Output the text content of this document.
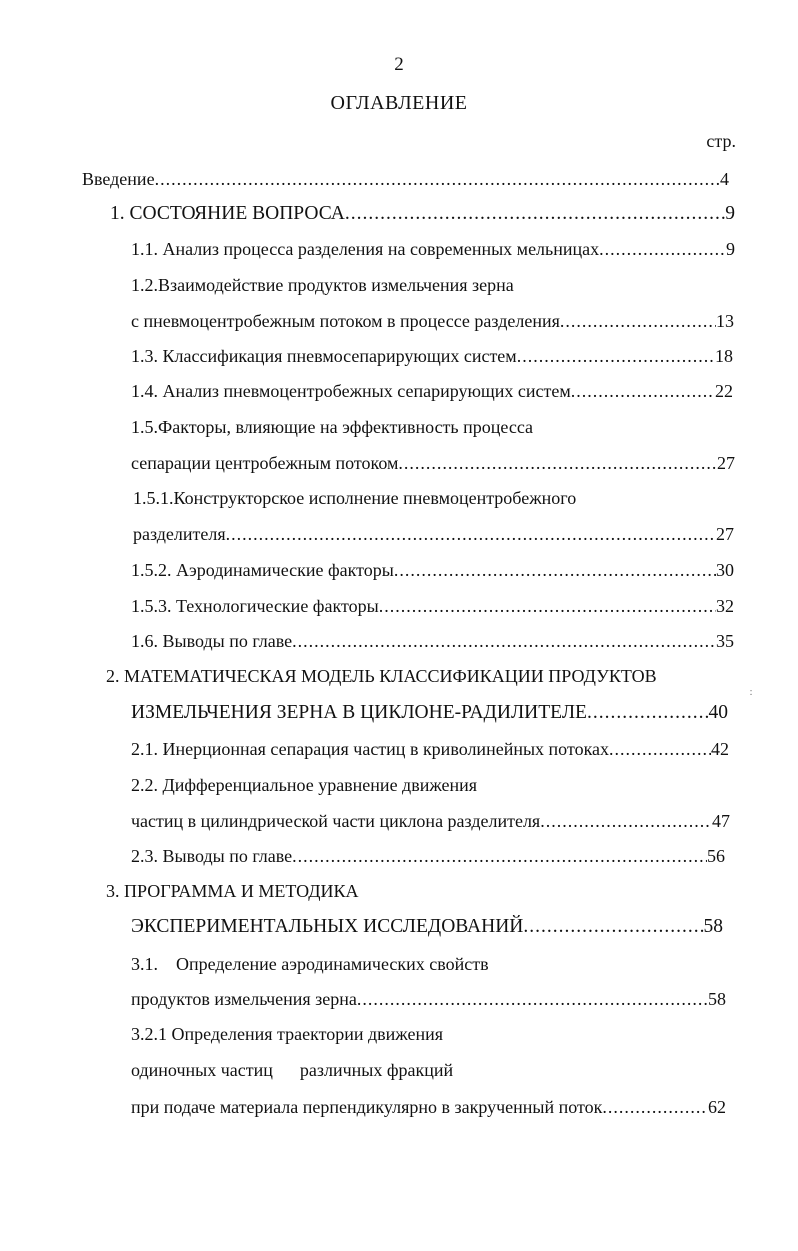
2
ОГЛАВЛЕНИЕ
стр.
Введение .....	4
1. СОСТОЯНИЕ ВОПРОСА .....	9
1.1. Анализ процесса разделения на современных мельницах .....	9
1.2.Взаимодействие продуктов измельчения зерна
с пневмоцентробежным потоком в процессе разделения .....	13
1.3. Классификация пневмосепарирующих систем .....	18
1.4. Анализ пневмоцентробежных сепарирующих систем .....	22
1.5.Факторы, влияющие на эффективность процесса
сепарации центробежным потоком .....	27
1.5.1.Конструкторское исполнение пневмоцентробежного
разделителя .....	27
1.5.2. Аэродинамические факторы .....	30
1.5.3. Технологические факторы .....	32
1.6. Выводы по главе .....	35
2. МАТЕМАТИЧЕСКАЯ МОДЕЛЬ КЛАССИФИКАЦИИ ПРОДУКТОВ
ИЗМЕЛЬЧЕНИЯ ЗЕРНА В ЦИКЛОНЕ-РАДИЛИТЕЛЕ .....	40
2.1. Инерционная сепарация частиц в криволинейных потоках .....	42
2.2. Дифференциальное уравнение движения
частиц в цилиндрической части циклона разделителя .....	47
2.3. Выводы по главе .....	56
3. ПРОГРАММА И МЕТОДИКА
ЭКСПЕРИМЕНТАЛЬНЫХ ИССЛЕДОВАНИЙ .....	58
3.1.    Определение аэродинамических свойств
продуктов измельчения зерна .....	58
3.2.1 Определения траектории движения
одиночных частиц      различных фракций
при подаче материала перпендикулярно в закрученный поток .....	62
:
